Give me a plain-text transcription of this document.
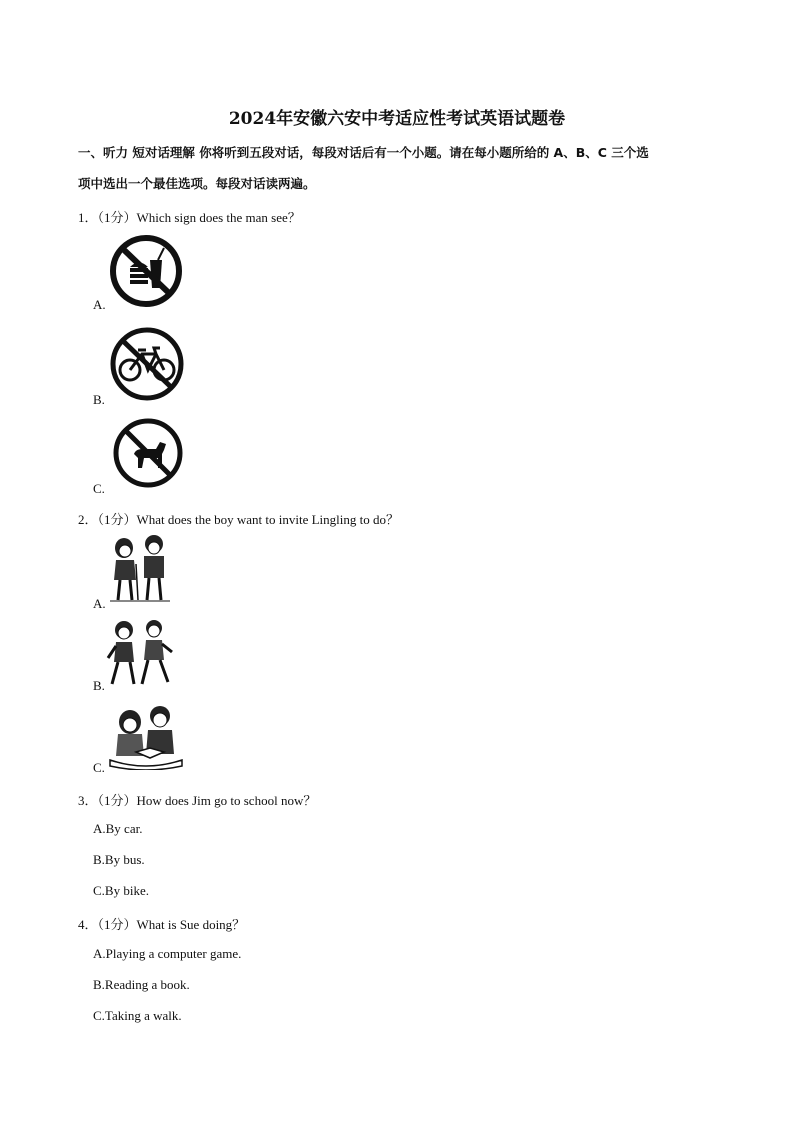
2024年安徽六安中考适应性考试英语试题卷
一、听力 短对话理解 你将听到五段对话，每段对话后有一个小题。请在每小题所给的 A、B、C 三个选
项中选出一个最佳选项。每段对话读两遍。
1．（1分）Which sign does the man see？
A.
B.
C.
2．（1分）What does the boy want to invite Lingling to do？
A.
B.
C.
3．（1分）How does Jim go to school now？
A.By car.
B.By bus.
C.By bike.
4．（1分）What is Sue doing？
A.Playing a computer game.
B.Reading a book.
C.Taking a walk.
